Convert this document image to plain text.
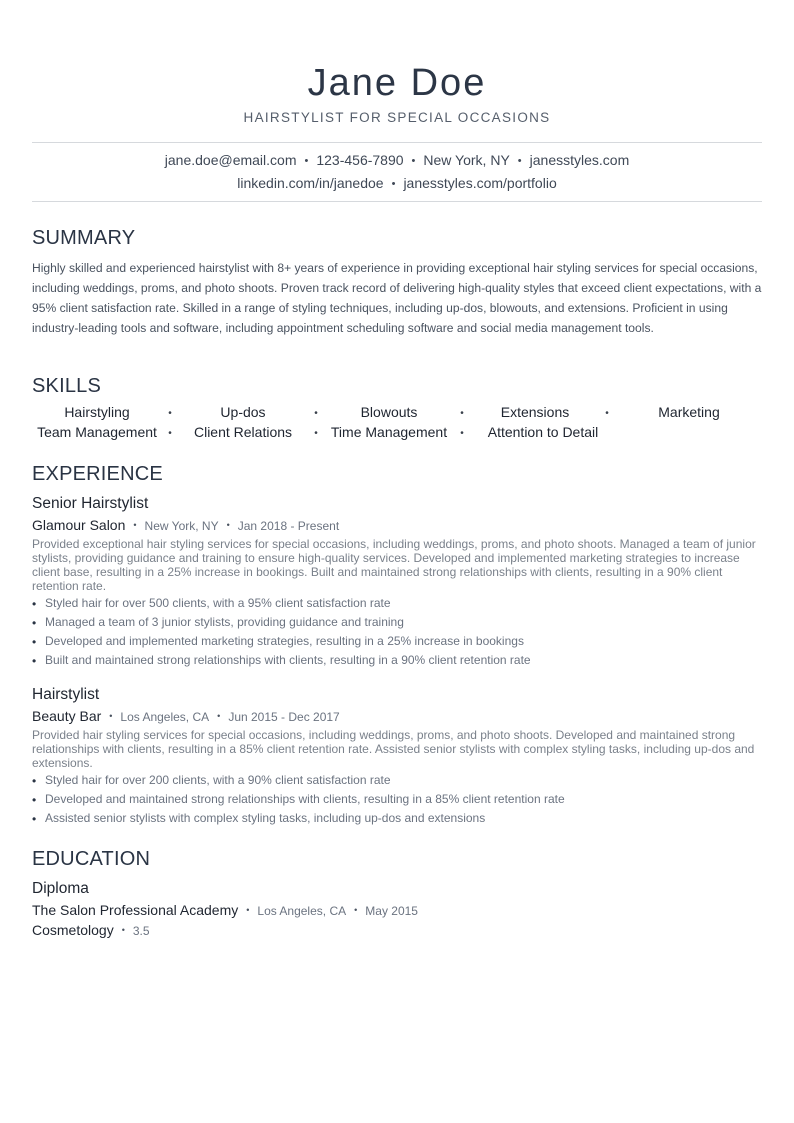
Jane Doe
HAIRSTYLIST FOR SPECIAL OCCASIONS
jane.doe@email.com • 123-456-7890 • New York, NY • janesstyles.com
linkedin.com/in/janedoe • janesstyles.com/portfolio
SUMMARY
Highly skilled and experienced hairstylist with 8+ years of experience in providing exceptional hair styling services for special occasions, including weddings, proms, and photo shoots. Proven track record of delivering high-quality styles that exceed client expectations, with a 95% client satisfaction rate. Skilled in a range of styling techniques, including up-dos, blowouts, and extensions. Proficient in using industry-leading tools and software, including appointment scheduling software and social media management tools.
SKILLS
Hairstyling	•	Up-dos	•	Blowouts	•	Extensions	•	Marketing
Team Management	•	Client Relations	• Time Management	•	Attention to Detail
EXPERIENCE
Senior Hairstylist
Glamour Salon • New York, NY • Jan 2018 - Present
Provided exceptional hair styling services for special occasions, including weddings, proms, and photo shoots. Managed a team of junior stylists, providing guidance and training to ensure high-quality services. Developed and implemented marketing strategies to increase client base, resulting in a 25% increase in bookings. Built and maintained strong relationships with clients, resulting in a 90% client retention rate.
• Styled hair for over 500 clients, with a 95% client satisfaction rate
• Managed a team of 3 junior stylists, providing guidance and training
• Developed and implemented marketing strategies, resulting in a 25% increase in bookings
• Built and maintained strong relationships with clients, resulting in a 90% client retention rate
Hairstylist
Beauty Bar • Los Angeles, CA • Jun 2015 - Dec 2017
Provided hair styling services for special occasions, including weddings, proms, and photo shoots. Developed and maintained strong relationships with clients, resulting in a 85% client retention rate. Assisted senior stylists with complex styling tasks, including up-dos and extensions.
• Styled hair for over 200 clients, with a 90% client satisfaction rate
• Developed and maintained strong relationships with clients, resulting in a 85% client retention rate
• Assisted senior stylists with complex styling tasks, including up-dos and extensions
EDUCATION
Diploma
The Salon Professional Academy • Los Angeles, CA • May 2015
Cosmetology • 3.5
